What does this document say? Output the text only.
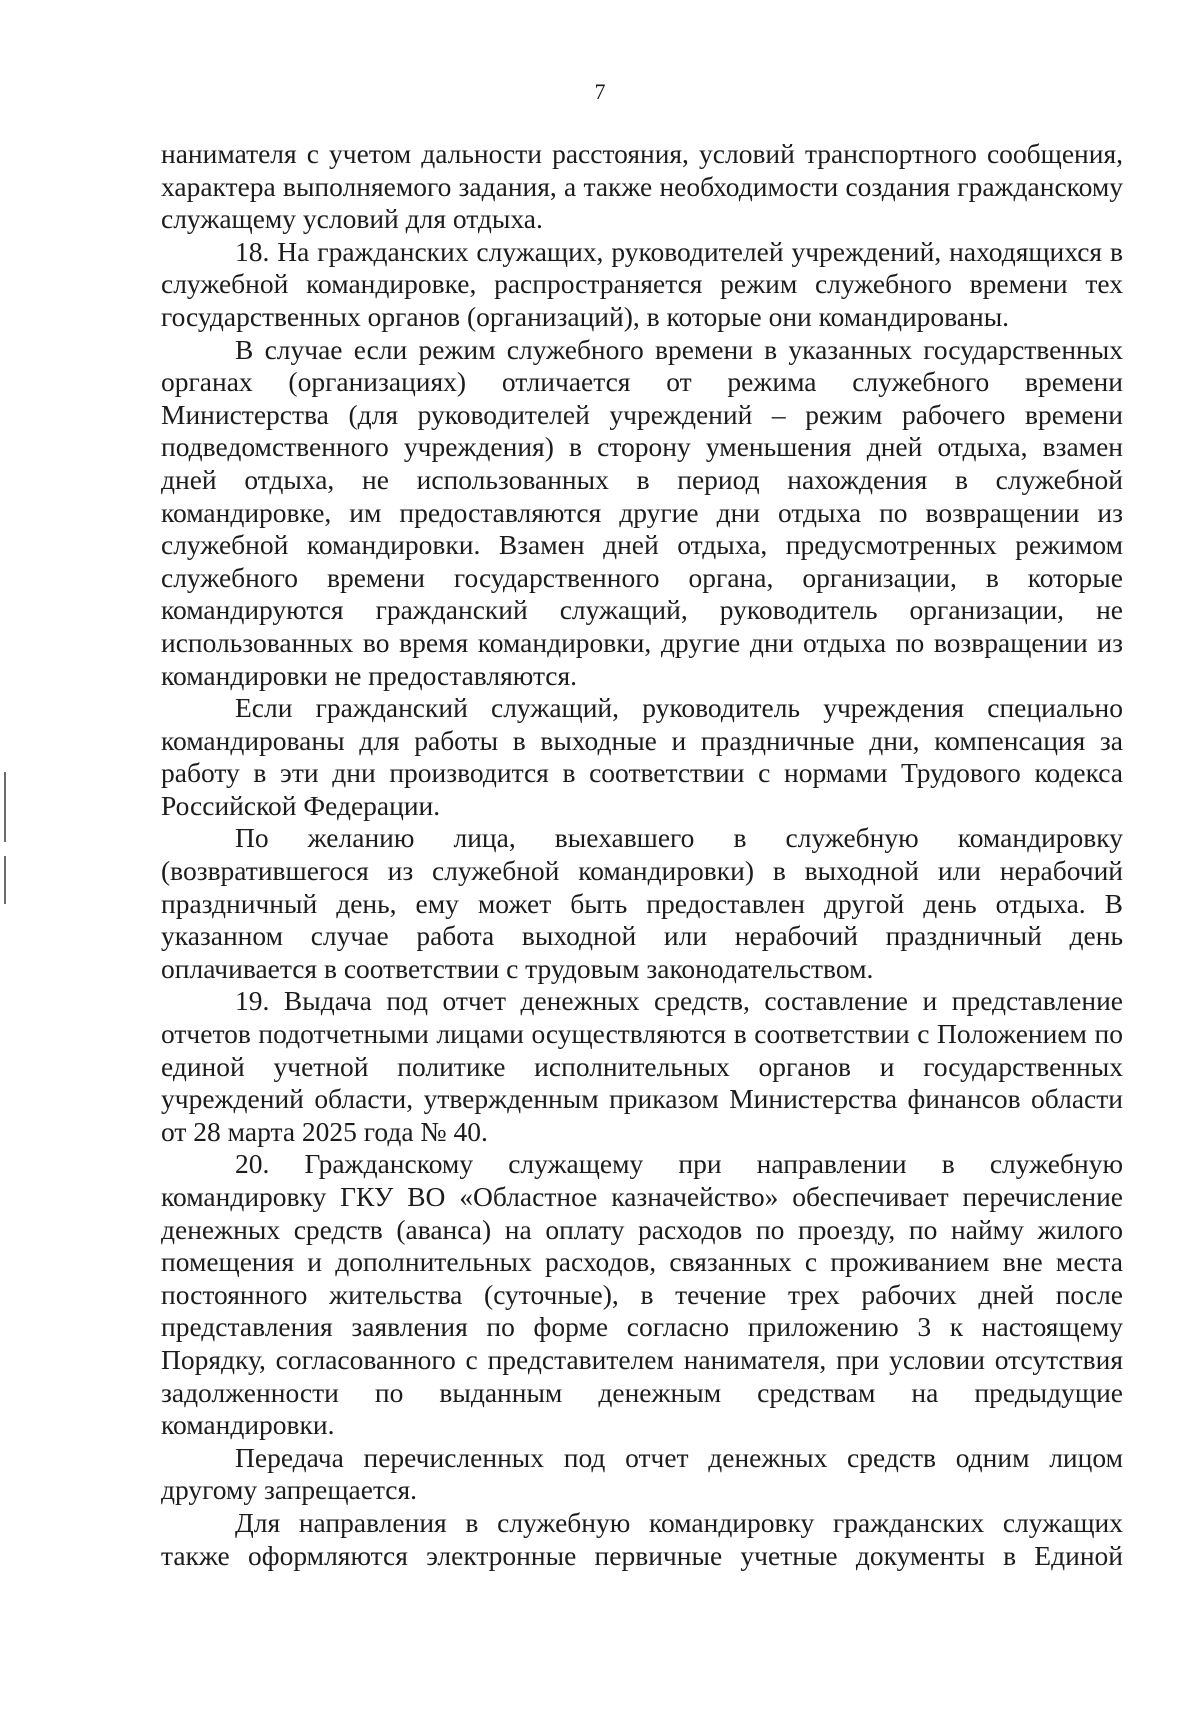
7

нанимателя с учетом дальности расстояния, условий транспортного сообщения, характера выполняемого задания, а также необходимости создания гражданскому служащему условий для отдыха.

18. На гражданских служащих, руководителей учреждений, находящихся в служебной командировке, распространяется режим служебного времени тех государственных органов (организаций), в которые они командированы.

В случае если режим служебного времени в указанных государственных органах (организациях) отличается от режима служебного времени Министерства (для руководителей учреждений – режим рабочего времени подведомственного учреждения) в сторону уменьшения дней отдыха, взамен дней отдыха, не использованных в период нахождения в служебной командировке, им предоставляются другие дни отдыха по возвращении из служебной командировки. Взамен дней отдыха, предусмотренных режимом служебного времени государственного органа, организации, в которые командируются гражданский служащий, руководитель организации, не использованных во время командировки, другие дни отдыха по возвращении из командировки не предоставляются.

Если гражданский служащий, руководитель учреждения специально командированы для работы в выходные и праздничные дни, компенсация за работу в эти дни производится в соответствии с нормами Трудового кодекса Российской Федерации.

По желанию лица, выехавшего в служебную командировку (возвратившегося из служебной командировки) в выходной или нерабочий праздничный день, ему может быть предоставлен другой день отдыха. В указанном случае работа выходной или нерабочий праздничный день оплачивается в соответствии с трудовым законодательством.

19. Выдача под отчет денежных средств, составление и представление отчетов подотчетными лицами осуществляются в соответствии с Положением по единой учетной политике исполнительных органов и государственных учреждений области, утвержденным приказом Министерства финансов области от 28 марта 2025 года № 40.

20. Гражданскому служащему при направлении в служебную командировку ГКУ ВО «Областное казначейство» обеспечивает перечисление денежных средств (аванса) на оплату расходов по проезду, по найму жилого помещения и дополнительных расходов, связанных с проживанием вне места постоянного жительства (суточные), в течение трех рабочих дней после представления заявления по форме согласно приложению 3 к настоящему Порядку, согласованного с представителем нанимателя, при условии отсутствия задолженности по выданным денежным средствам на предыдущие командировки.

Передача перечисленных под отчет денежных средств одним лицом другому запрещается.

Для направления в служебную командировку гражданских служащих также оформляются электронные первичные учетные документы в Единой
